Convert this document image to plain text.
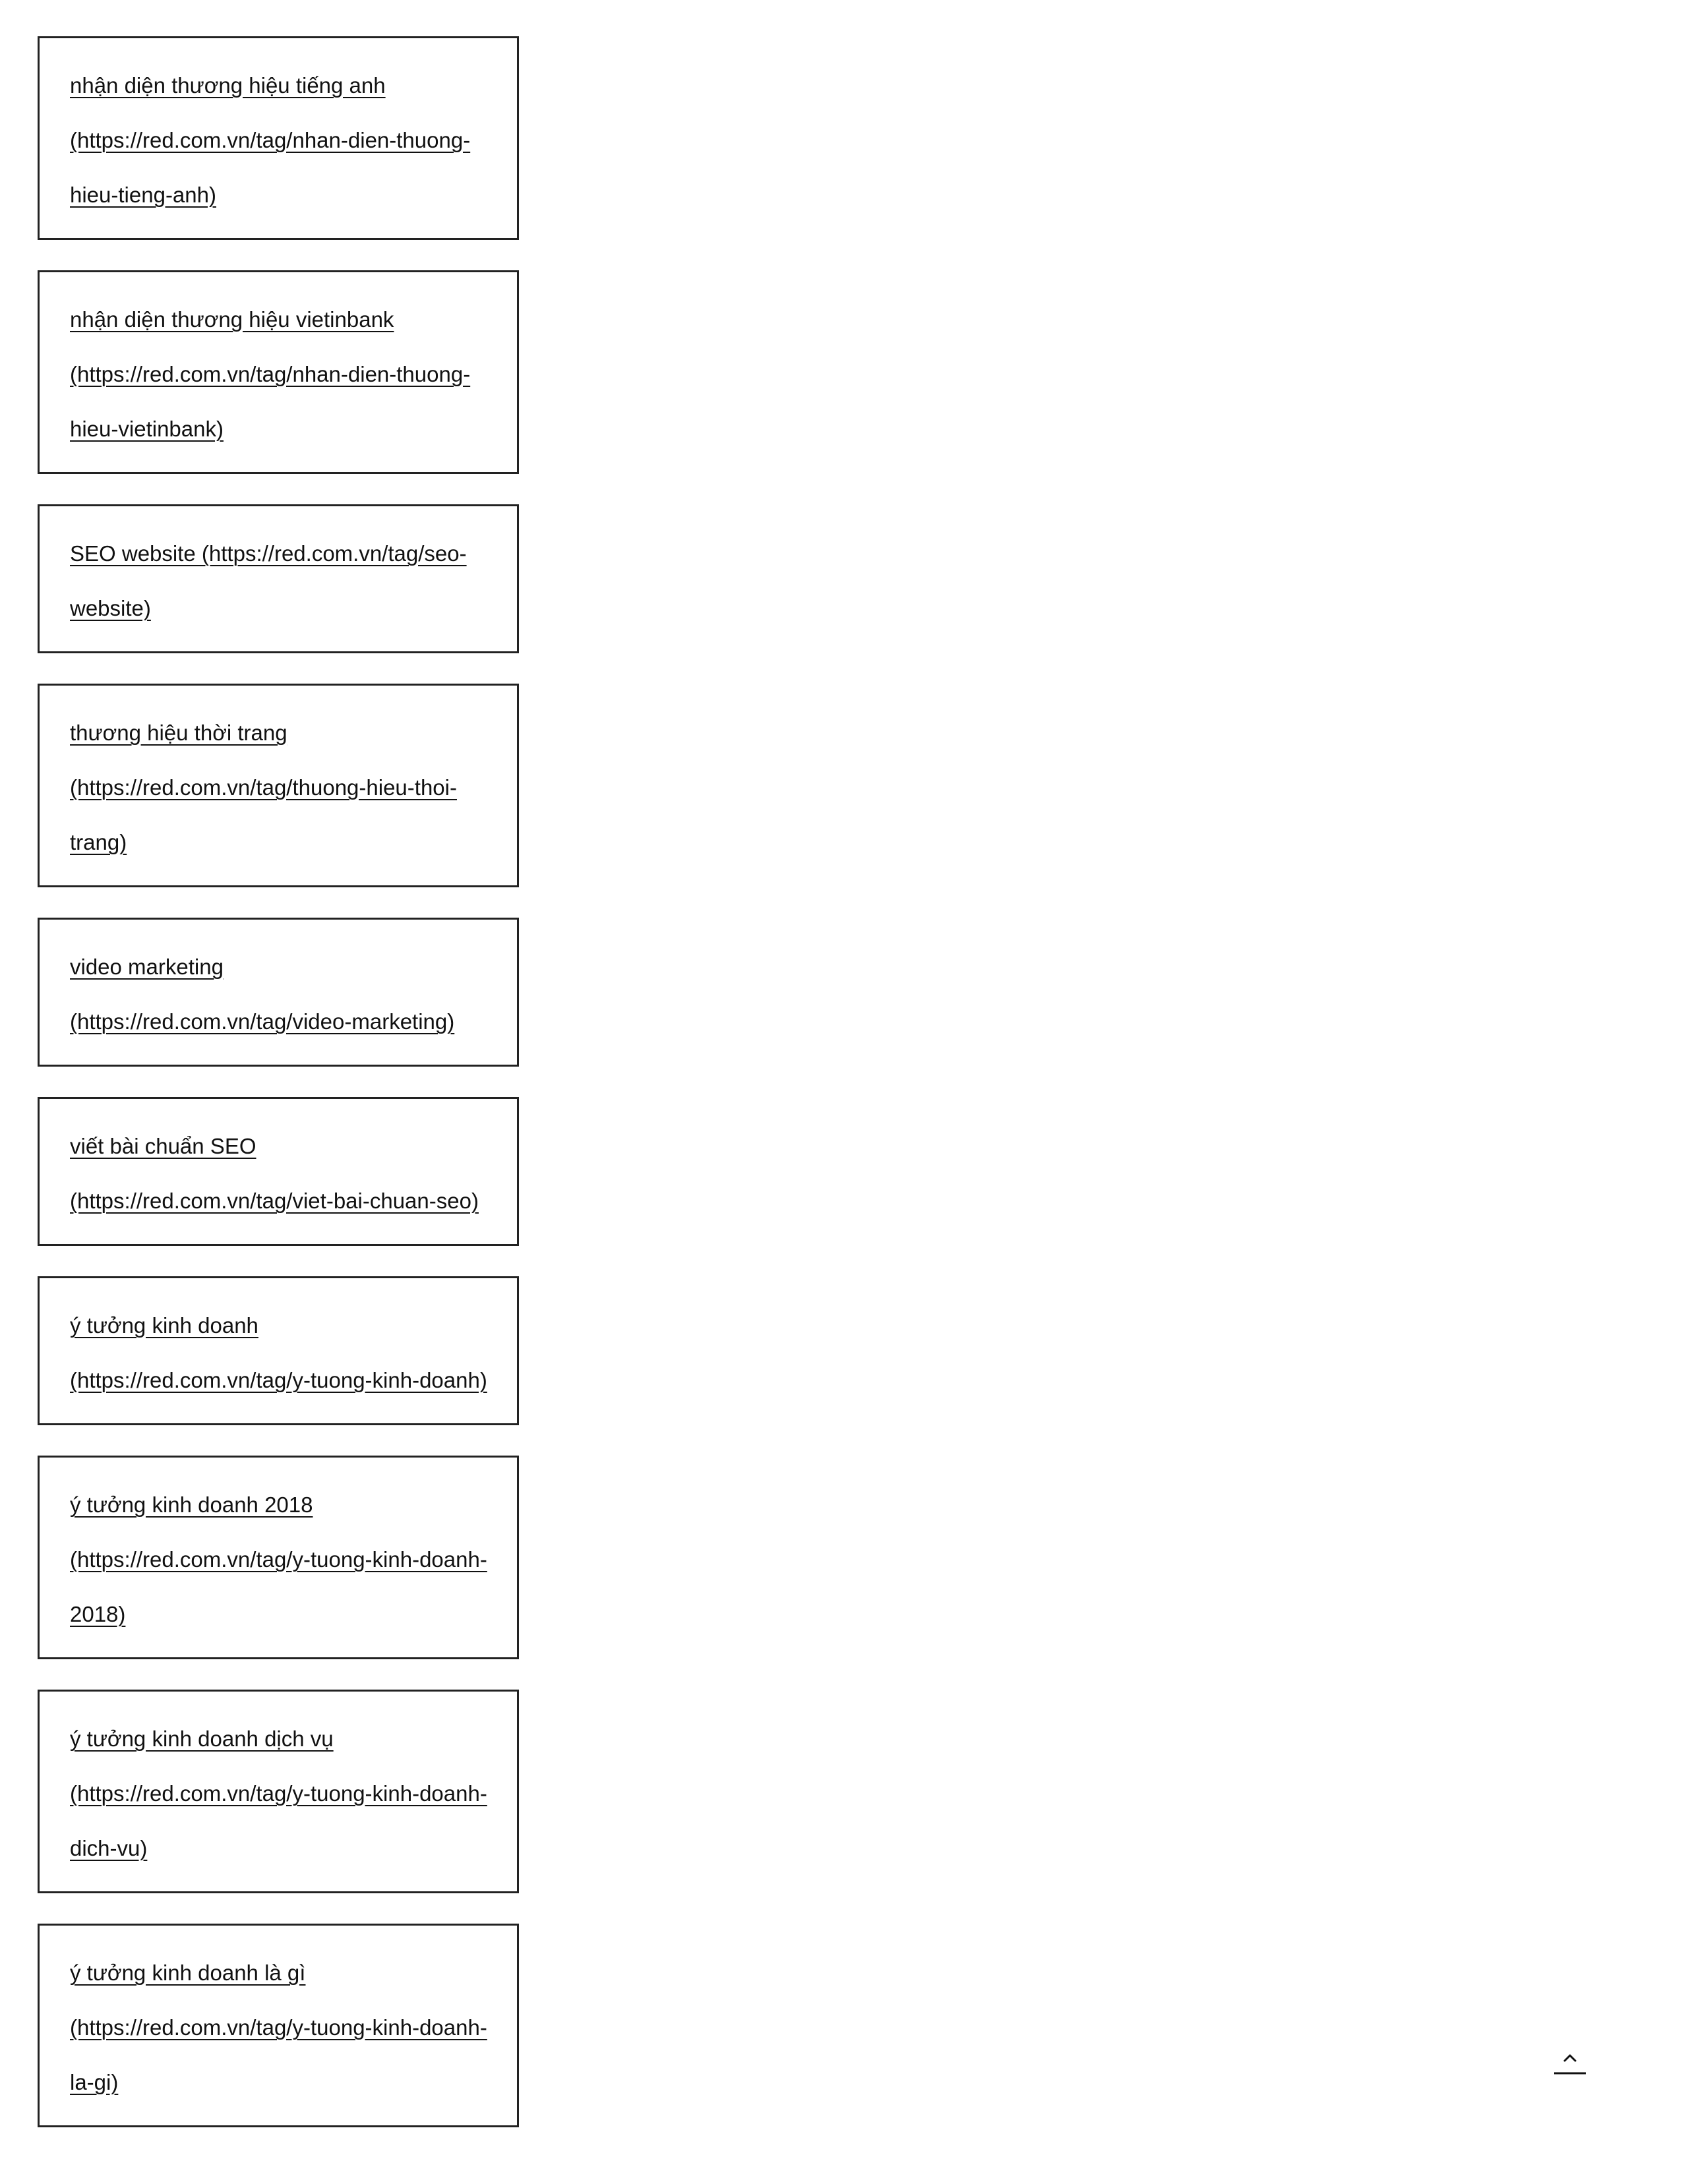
nhận diện thương hiệu tiếng anh (https://red.com.vn/tag/nhan-dien-thuong-hieu-tieng-anh)
nhận diện thương hiệu vietinbank (https://red.com.vn/tag/nhan-dien-thuong-hieu-vietinbank)
SEO website (https://red.com.vn/tag/seo-website)
thương hiệu thời trang (https://red.com.vn/tag/thuong-hieu-thoi-trang)
video marketing (https://red.com.vn/tag/video-marketing)
viết bài chuẩn SEO (https://red.com.vn/tag/viet-bai-chuan-seo)
ý tưởng kinh doanh (https://red.com.vn/tag/y-tuong-kinh-doanh)
ý tưởng kinh doanh 2018 (https://red.com.vn/tag/y-tuong-kinh-doanh-2018)
ý tưởng kinh doanh dịch vụ (https://red.com.vn/tag/y-tuong-kinh-doanh-dich-vu)
ý tưởng kinh doanh là gì (https://red.com.vn/tag/y-tuong-kinh-doanh-la-gi)
